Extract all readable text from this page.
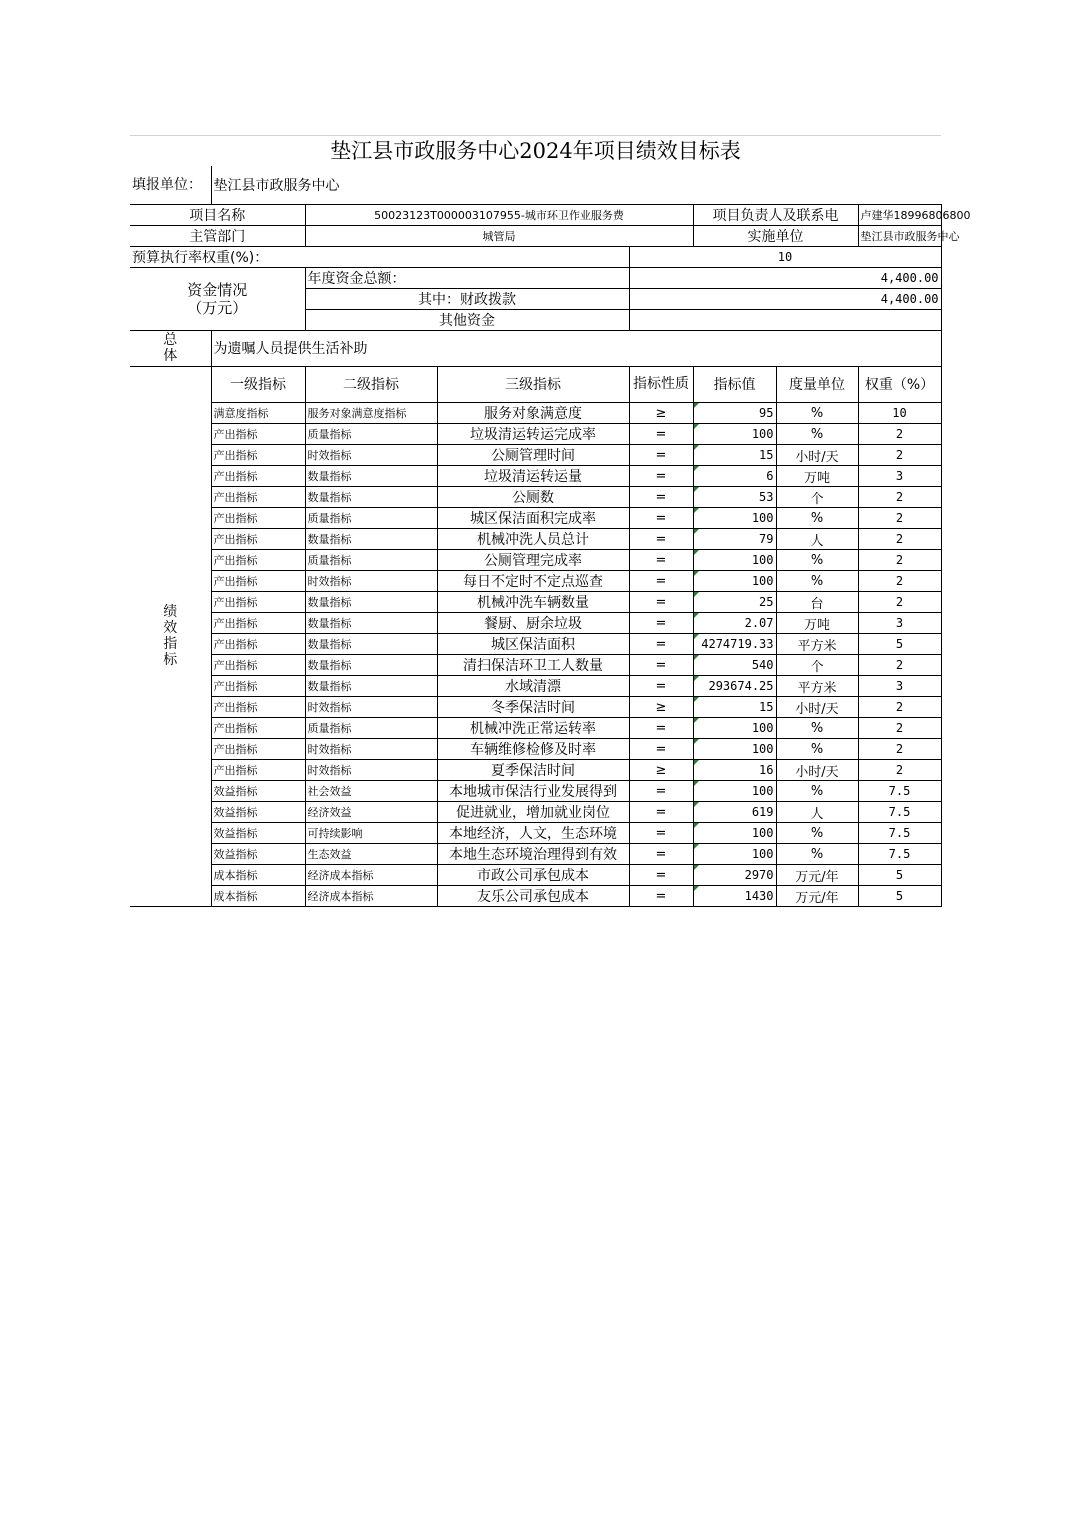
垫江县市政服务中心2024年项目绩效目标表
填报单位：	垫江县市政服务中心				
项目名称		50023123T000003107955-城市环卫作业服务费		项目负责人及联系电	卢建华18996806800
主管部门		城管局		实施单位	垫江县市政服务中心
预算执行率权重(%)：			10		

资金情况
（万元）		年度资金总额：	4,400.00		
		其中：财政拨款	4,400.00		
		其他资金			

总
体	为遗嘱人员提供生活补助				
绩
效
指
标	一级指标	二级指标	三级指标	指标性质	指标值	度量单位	权重（%）
	满意度指标	服务对象满意度指标	服务对象满意度	≥	95	%	10
	产出指标	质量指标	垃圾清运转运完成率	=	100	%	2
	产出指标	时效指标	公厕管理时间	=	15	小时/天	2
	产出指标	数量指标	垃圾清运转运量	=	6	万吨	3
	产出指标	数量指标	公厕数	=	53	个	2
	产出指标	质量指标	城区保洁面积完成率	=	100	%	2
	产出指标	数量指标	机械冲洗人员总计	=	79	人	2
	产出指标	质量指标	公厕管理完成率	=	100	%	2
	产出指标	时效指标	每日不定时不定点巡查	=	100	%	2
	产出指标	数量指标	机械冲洗车辆数量	=	25	台	2
	产出指标	数量指标	餐厨、厨余垃圾	=	2.07	万吨	3
	产出指标	数量指标	城区保洁面积	=	4274719.33	平方米	5
	产出指标	数量指标	清扫保洁环卫工人数量	=	540	个	2
	产出指标	数量指标	水域清漂	=	293674.25	平方米	3
	产出指标	时效指标	冬季保洁时间	≥	15	小时/天	2
	产出指标	质量指标	机械冲洗正常运转率	=	100	%	2
	产出指标	时效指标	车辆维修检修及时率	=	100	%	2
	产出指标	时效指标	夏季保洁时间	≥	16	小时/天	2
	效益指标	社会效益	本地城市保洁行业发展得到	=	100	%	7.5
	效益指标	经济效益	促进就业，增加就业岗位	=	619	人	7.5
	效益指标	可持续影响	本地经济，人文，生态环境	=	100	%	7.5
	效益指标	生态效益	本地生态环境治理得到有效	=	100	%	7.5
	成本指标	经济成本指标	市政公司承包成本	=	2970	万元/年	5
	成本指标	经济成本指标	友乐公司承包成本	=	1430	万元/年	5
